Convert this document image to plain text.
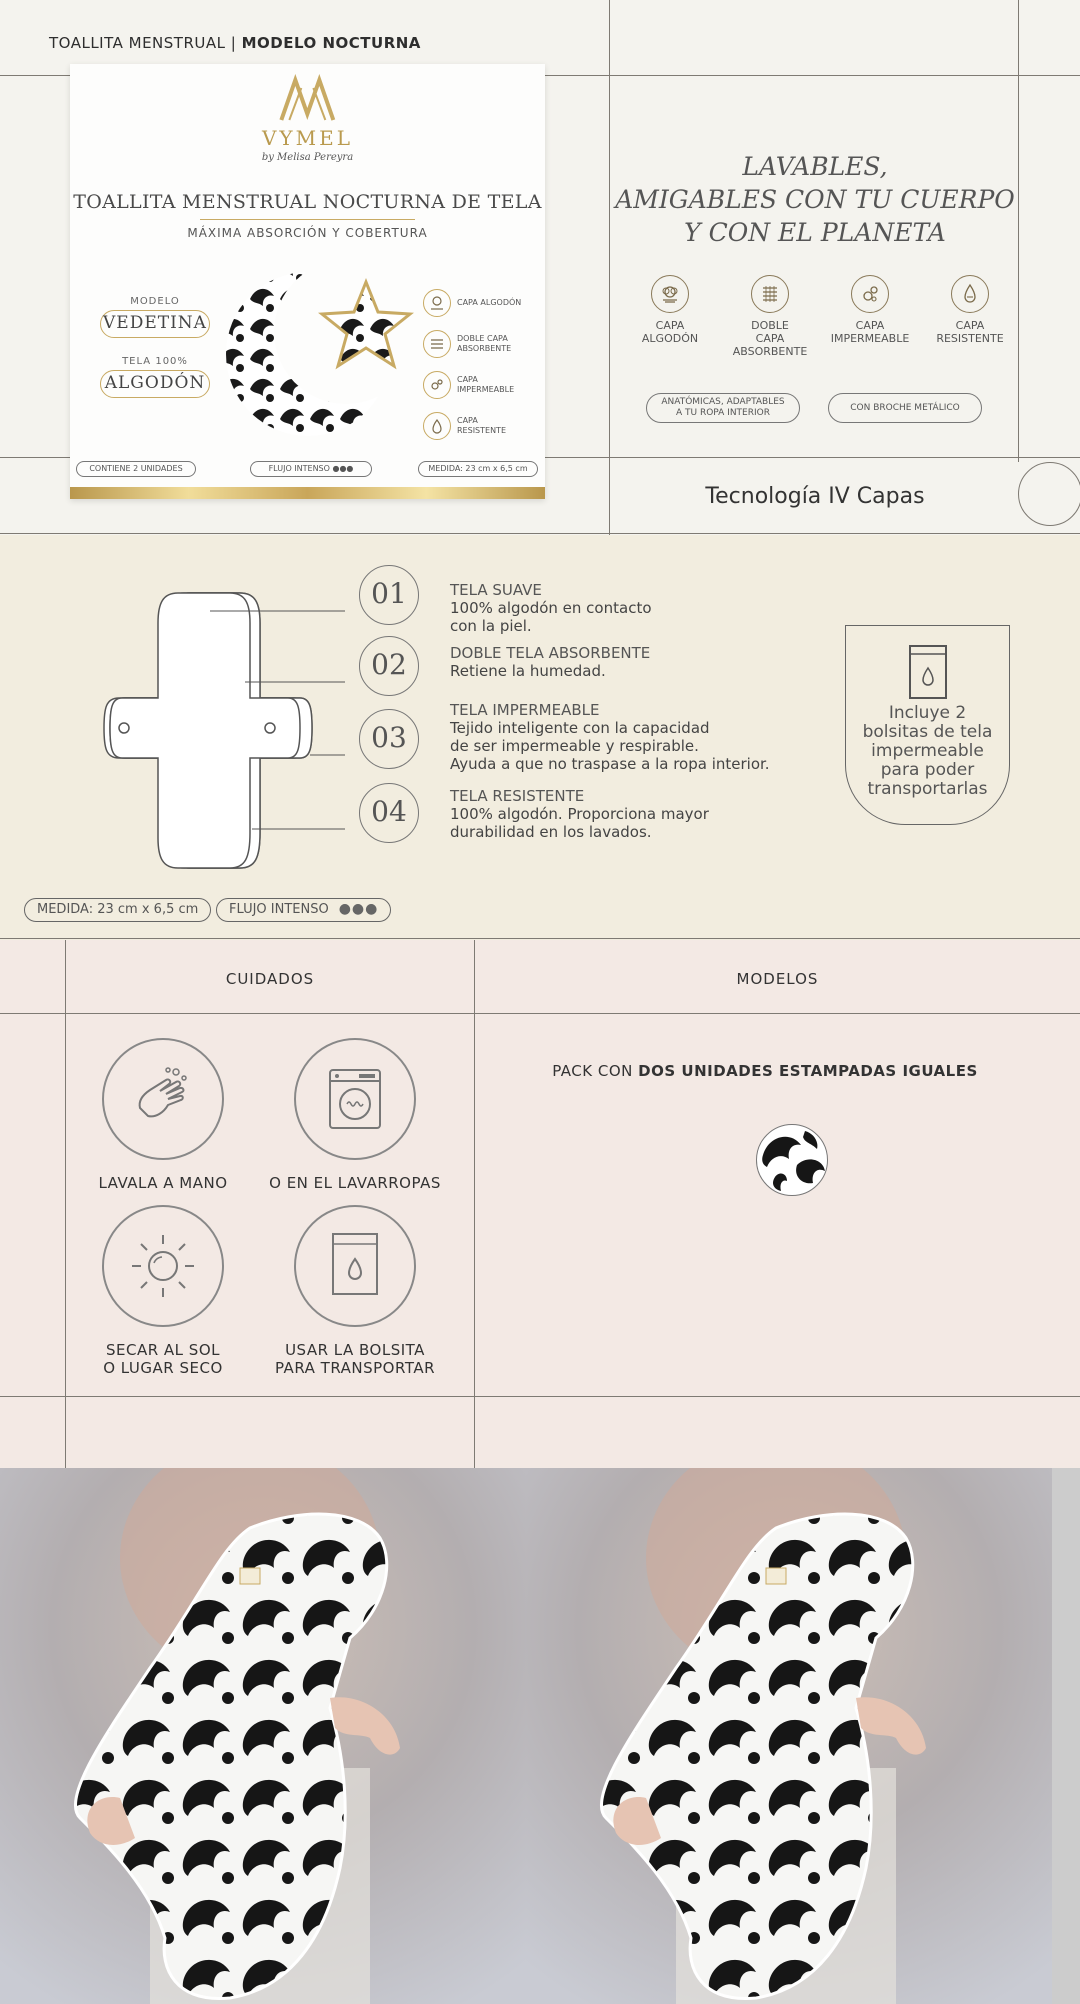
TOALLITA MENSTRUAL | MODELO NOCTURNA
VYMEL
by Melisa Pereyra
TOALLITA MENSTRUAL NOCTURNA DE TELA
MÁXIMA ABSORCIÓN Y COBERTURA
MODELO
VEDETINA
TELA 100%
ALGODÓN
CAPA ALGODÓN
DOBLE CAPA ABSORBENTE
CAPA IMPERMEABLE
CAPA RESISTENTE
CONTIENE 2 UNIDADES	FLUJO INTENSO ●●●	MEDIDA: 23 cm x 6,5 cm
LAVABLES,
AMIGABLES CON TU CUERPO
Y CON EL PLANETA
CAPA
ALGODÓN
DOBLE
CAPA
ABSORBENTE
CAPA
IMPERMEABLE
CAPA
RESISTENTE
ANATÓMICAS, ADAPTABLES
A TU ROPA INTERIOR
CON BROCHE METÁLICO
Tecnología IV Capas
01
02
03
04
TELA SUAVE
100% algodón en contacto
con la piel.
DOBLE TELA ABSORBENTE
Retiene la humedad.
TELA IMPERMEABLE
Tejido inteligente con la capacidad
de ser impermeable y respirable.
Ayuda a que no traspase a la ropa interior.
TELA RESISTENTE
100% algodón. Proporciona mayor
durabilidad en los lavados.
Incluye 2
bolsitas de tela
impermeable
para poder
transportarlas
MEDIDA: 23 cm x 6,5 cm	FLUJO INTENSO ●●●
CUIDADOS	MODELOS
LAVALA A MANO	O EN EL LAVARROPAS
SECAR AL SOL
O LUGAR SECO
USAR LA BOLSITA
PARA TRANSPORTAR
PACK CON DOS UNIDADES ESTAMPADAS IGUALES
